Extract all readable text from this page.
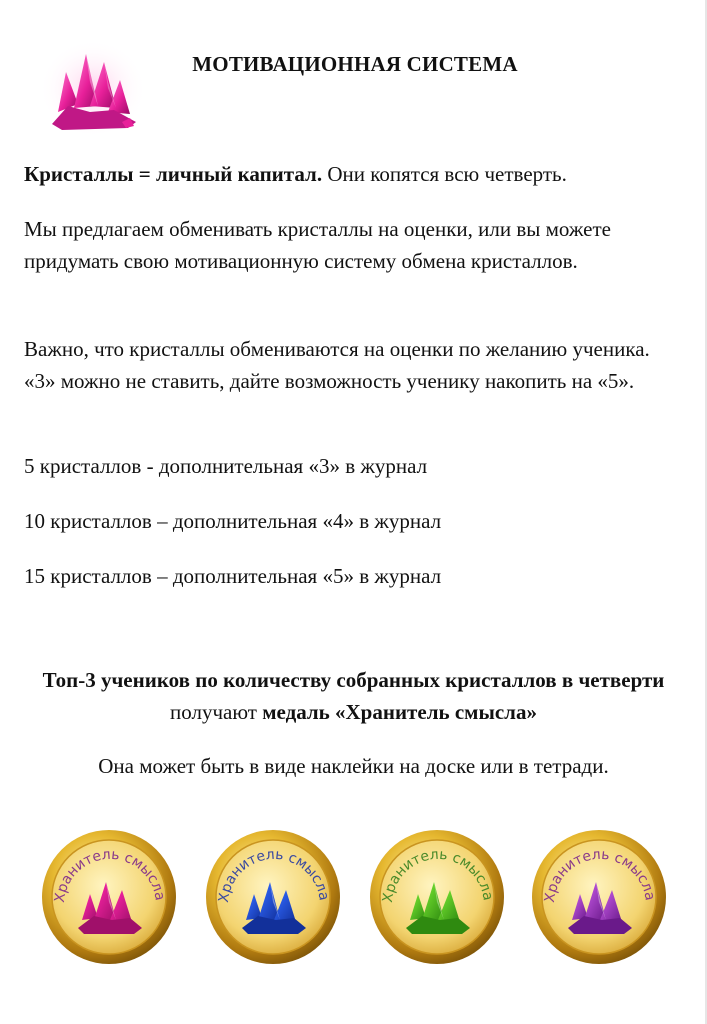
МОТИВАЦИОННАЯ СИСТЕМА
Кристаллы = личный капитал. Они копятся всю четверть.
Мы предлагаем обменивать кристаллы на оценки, или вы можете придумать свою мотивационную систему обмена кристаллов.
Важно, что кристаллы обмениваются на оценки по желанию ученика. «3» можно не ставить, дайте возможность ученику накопить на «5».
5 кристаллов - дополнительная «3» в журнал
10 кристаллов – дополнительная «4» в журнал
15 кристаллов – дополнительная «5» в журнал
Топ-3 учеников по количеству собранных кристаллов в четверти получают медаль «Хранитель смысла»
Она может быть в виде наклейки на доске или в тетради.
Хранитель смысла	Хранитель смысла	Хранитель смысла	Хранитель смысла
